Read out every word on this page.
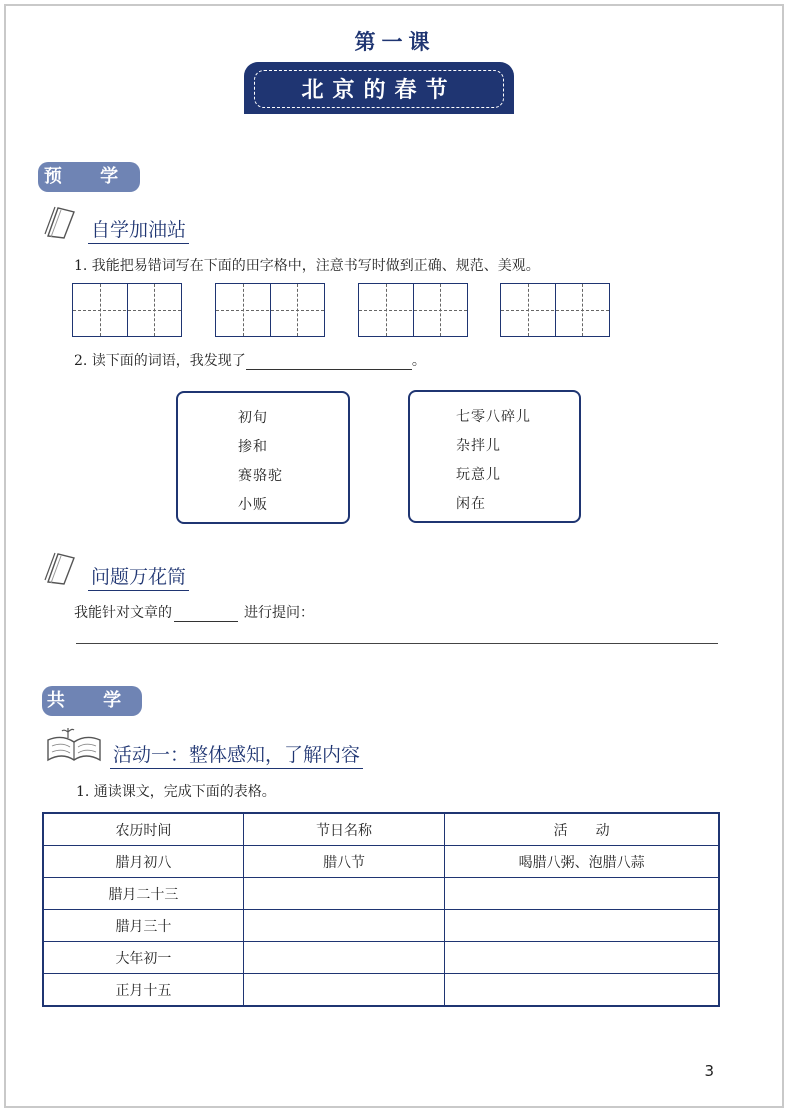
第一课
北京的春节
预 学
自学加油站
1. 我能把易错词写在下面的田字格中，注意书写时做到正确、规范、美观。
2. 读下面的词语，我发现了	。
初旬
掺和
赛骆驼
小贩
七零八碎儿
杂拌儿
玩意儿
闲在
问题万花筒
我能针对文章的	进行提问：
共 学
活动一：整体感知，了解内容
1. 通读课文，完成下面的表格。
农历时间	节日名称	活　　动
腊月初八	腊八节	喝腊八粥、泡腊八蒜
腊月二十三		
腊月三十		
大年初一		
正月十五		
3
